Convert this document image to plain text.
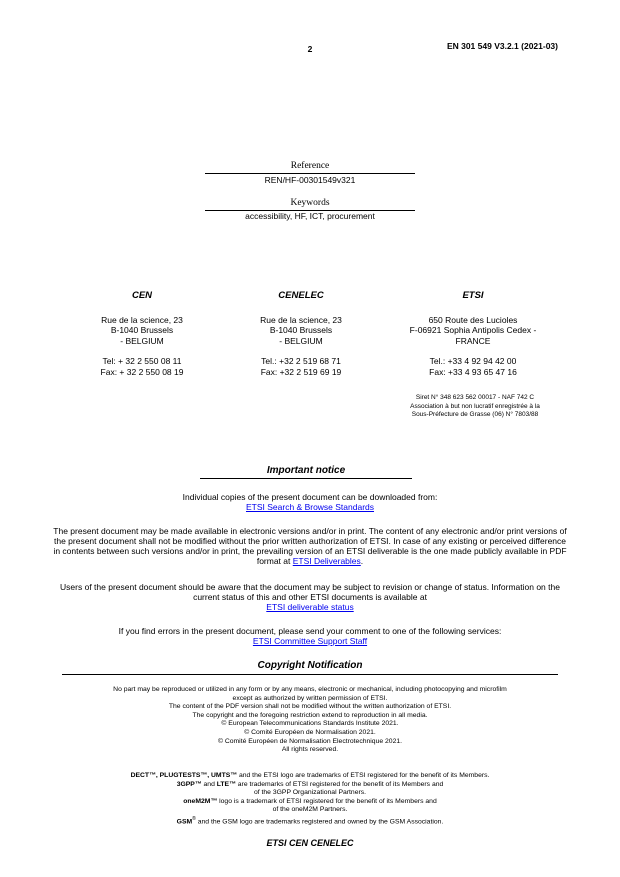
2	EN 301 549 V3.2.1 (2021-03)
Reference
REN/HF-00301549v321
Keywords
accessibility, HF, ICT, procurement
CEN
Rue de la science, 23
B-1040 Brussels
- BELGIUM
Tel: + 32 2 550 08 11
Fax: + 32 2 550 08 19
CENELEC
Rue de la science, 23
B-1040 Brussels
- BELGIUM
Tel.: +32 2 519 68 71
Fax: +32 2 519 69 19
ETSI
650 Route des Lucioles
F-06921 Sophia Antipolis Cedex -
FRANCE
Tel.: +33 4 92 94 42 00
Fax: +33 4 93 65 47 16
Siret N° 348 623 562 00017 - NAF 742 C
Association à but non lucratif enregistrée à la
Sous-Préfecture de Grasse (06) N° 7803/88
Important notice
Individual copies of the present document can be downloaded from:
ETSI Search & Browse Standards
The present document may be made available in electronic versions and/or in print. The content of any electronic and/or print versions of the present document shall not be modified without the prior written authorization of ETSI. In case of any existing or perceived difference in contents between such versions and/or in print, the prevailing version of an ETSI deliverable is the one made publicly available in PDF format at ETSI Deliverables.
Users of the present document should be aware that the document may be subject to revision or change of status. Information on the current status of this and other ETSI documents is available at
ETSI deliverable status
If you find errors in the present document, please send your comment to one of the following services:
ETSI Committee Support Staff
Copyright Notification
No part may be reproduced or utilized in any form or by any means, electronic or mechanical, including photocopying and microfilm
except as authorized by written permission of ETSI.
The content of the PDF version shall not be modified without the written authorization of ETSI.
The copyright and the foregoing restriction extend to reproduction in all media.
© European Telecommunications Standards Institute 2021.
© Comité Européen de Normalisation 2021.
© Comité Européen de Normalisation Electrotechnique 2021.
All rights reserved.
DECT™, PLUGTESTS™, UMTS™ and the ETSI logo are trademarks of ETSI registered for the benefit of its Members.
3GPP™ and LTE™ are trademarks of ETSI registered for the benefit of its Members and
of the 3GPP Organizational Partners.
oneM2M™ logo is a trademark of ETSI registered for the benefit of its Members and
of the oneM2M Partners.
GSM® and the GSM logo are trademarks registered and owned by the GSM Association.
ETSI CEN CENELEC
